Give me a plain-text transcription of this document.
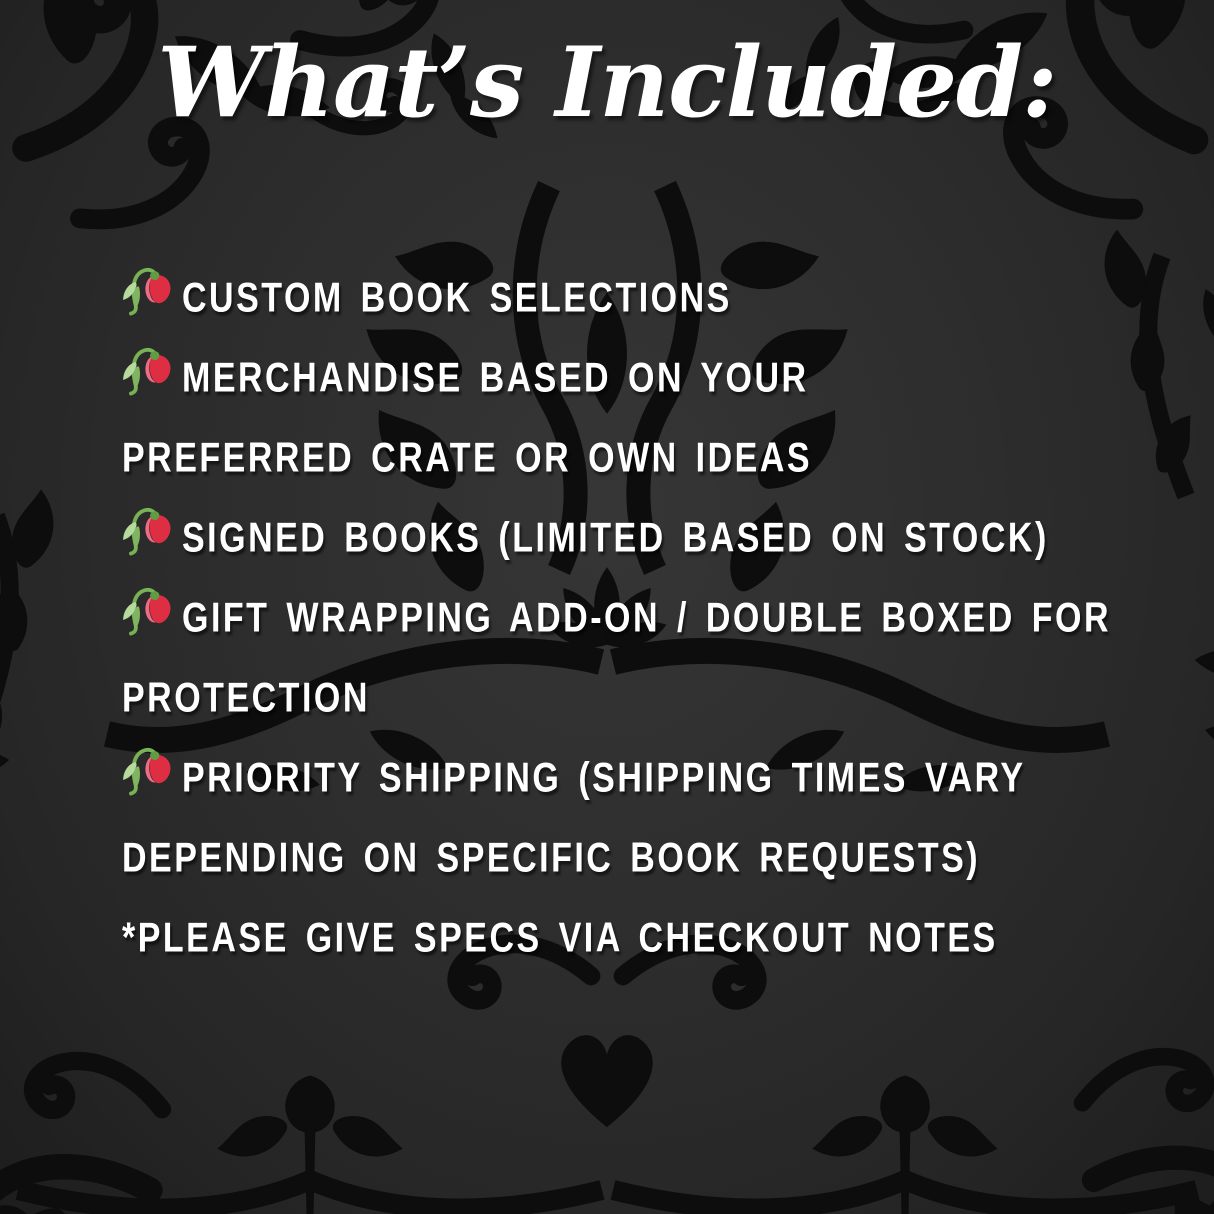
What’s Included:
CUSTOM BOOK SELECTIONS
MERCHANDISE BASED ON YOUR
PREFERRED CRATE OR OWN IDEAS
SIGNED BOOKS (LIMITED BASED ON STOCK)
GIFT WRAPPING ADD-ON / DOUBLE BOXED FOR
PROTECTION
PRIORITY SHIPPING (SHIPPING TIMES VARY
DEPENDING ON SPECIFIC BOOK REQUESTS)
*PLEASE GIVE SPECS VIA CHECKOUT NOTES
